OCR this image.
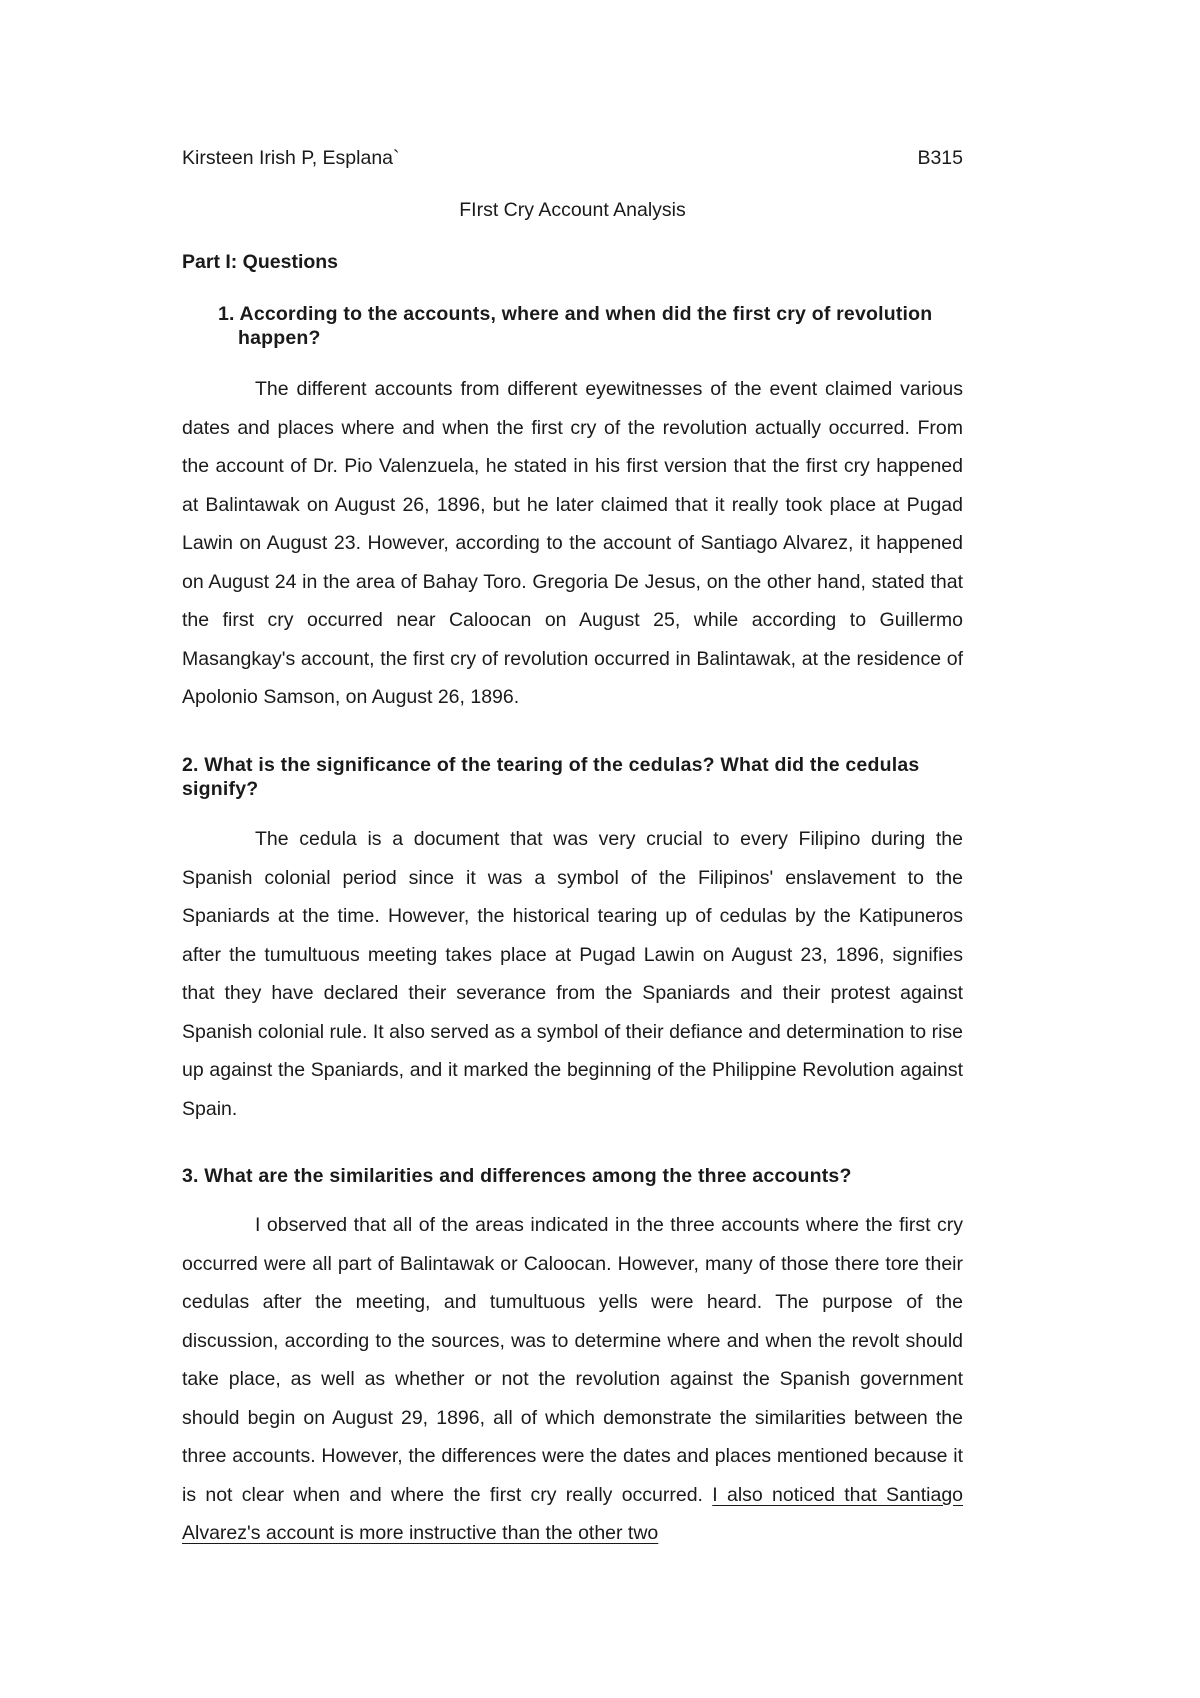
Kirsteen Irish P, Esplana`	B315
FIrst Cry Account Analysis
Part I: Questions
1. According to the accounts, where and when did the first cry of revolution happen?
The different accounts from different eyewitnesses of the event claimed various dates and places where and when the first cry of the revolution actually occurred. From the account of Dr. Pio Valenzuela, he stated in his first version that the first cry happened at Balintawak on August 26, 1896, but he later claimed that it really took place at Pugad Lawin on August 23. However, according to the account of Santiago Alvarez, it happened on August 24 in the area of Bahay Toro. Gregoria De Jesus, on the other hand, stated that the first cry occurred near Caloocan on August 25, while according to Guillermo Masangkay's account, the first cry of revolution occurred in Balintawak, at the residence of Apolonio Samson, on August 26, 1896.
2. What is the significance of the tearing of the cedulas? What did the cedulas signify?
The cedula is a document that was very crucial to every Filipino during the Spanish colonial period since it was a symbol of the Filipinos' enslavement to the Spaniards at the time. However, the historical tearing up of cedulas by the Katipuneros after the tumultuous meeting takes place at Pugad Lawin on August 23, 1896, signifies that they have declared their severance from the Spaniards and their protest against Spanish colonial rule. It also served as a symbol of their defiance and determination to rise up against the Spaniards, and it marked the beginning of the Philippine Revolution against Spain.
3. What are the similarities and differences among the three accounts?
I observed that all of the areas indicated in the three accounts where the first cry occurred were all part of Balintawak or Caloocan. However, many of those there tore their cedulas after the meeting, and tumultuous yells were heard. The purpose of the discussion, according to the sources, was to determine where and when the revolt should take place, as well as whether or not the revolution against the Spanish government should begin on August 29, 1896, all of which demonstrate the similarities between the three accounts. However, the differences were the dates and places mentioned because it is not clear when and where the first cry really occurred. I also noticed that Santiago Alvarez's account is more instructive than the other two
